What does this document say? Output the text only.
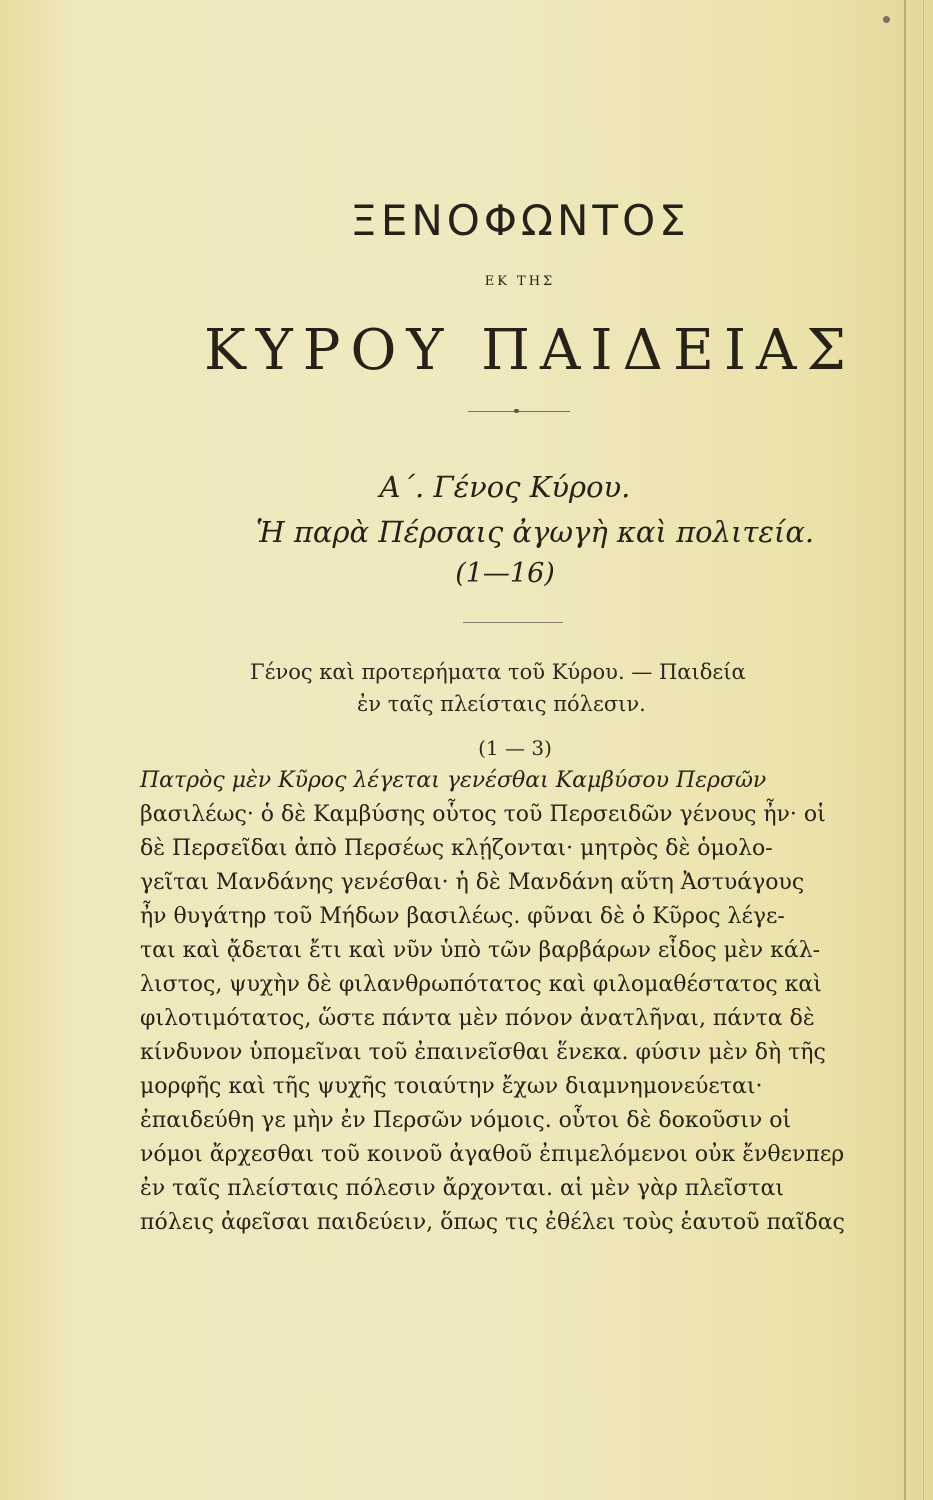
ΞΕΝΟΦΩΝΤΟΣ
ΕΚ ΤΗΣ
ΚΥΡΟΥ ΠΑΙΔΕΙΑΣ
Α΄. Γένος Κύρου.
Ἡ παρὰ Πέρσαις ἀγωγὴ καὶ πολιτεία.
(1—16)
Γένος καὶ προτερήματα τοῦ Κύρου. — Παιδεία
ἐν ταῖς πλείσταις πόλεσιν.
(1 — 3)
Πατρὸς μὲν Κῦρος λέγεται γενέσθαι Καμβύσου Περσῶν
βασιλέως· ὁ δὲ Καμβύσης οὗτος τοῦ Περσειδῶν γένους ἦν· οἱ
δὲ Περσεῖδαι ἀπὸ Περσέως κλῄζονται· μητρὸς δὲ ὁμολο-
γεῖται Μανδάνης γενέσθαι· ἡ δὲ Μανδάνη αὕτη Ἀστυάγους
ἦν θυγάτηρ τοῦ Μήδων βασιλέως. φῦναι δὲ ὁ Κῦρος λέγε-
ται καὶ ᾄδεται ἔτι καὶ νῦν ὑπὸ τῶν βαρβάρων εἶδος μὲν κάλ-
λιστος, ψυχὴν δὲ φιλανθρωπότατος καὶ φιλομαθέστατος καὶ
φιλοτιμότατος, ὥστε πάντα μὲν πόνον ἀνατλῆναι, πάντα δὲ
κίνδυνον ὑπομεῖναι τοῦ ἐπαινεῖσθαι ἕνεκα. φύσιν μὲν δὴ τῆς
μορφῆς καὶ τῆς ψυχῆς τοιαύτην ἔχων διαμνημονεύεται·
ἐπαιδεύθη γε μὴν ἐν Περσῶν νόμοις. οὗτοι δὲ δοκοῦσιν οἱ
νόμοι ἄρχεσθαι τοῦ κοινοῦ ἀγαθοῦ ἐπιμελόμενοι οὐκ ἔνθενπερ
ἐν ταῖς πλείσταις πόλεσιν ἄρχονται. αἱ μὲν γὰρ πλεῖσται
πόλεις ἀφεῖσαι παιδεύειν, ὅπως τις ἐθέλει τοὺς ἑαυτοῦ παῖδας
